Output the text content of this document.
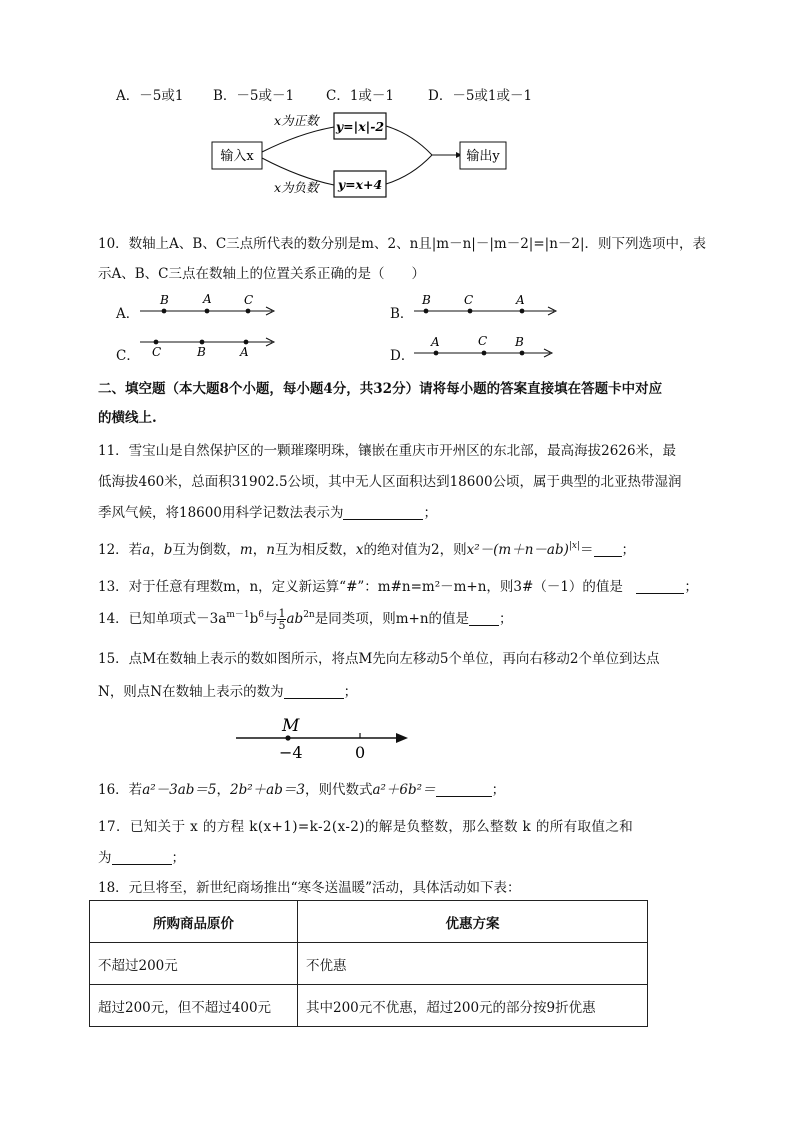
A．－5或1 B．－5或－1 C．1或－1	D．－5或1或－1
输入x
x为正数
x为负数
y=|x|-2
y=x+4
输出y
10．数轴上A、B、C三点所代表的数分别是m、2、n且|m－n|－|m－2|=|n－2|．则下列选项中，表
示A、B、C三点在数轴上的位置关系正确的是（　　）
A．
B	A	C
B．
B	C	A
C． C	B	A	D．
A	C B
二、填空题（本大题8个小题，每小题4分，共32分）请将每小题的答案直接填在答题卡中对应
的横线上.
11．雪宝山是自然保护区的一颗璀璨明珠，镶嵌在重庆市开州区的东北部，最高海拔2626米，最
低海拔460米，总面积31902.5公顷，其中无人区面积达到18600公顷，属于典型的北亚热带湿润
季风气候，将18600用科学记数法表示为	；
12．若a，b互为倒数，m，n互为相反数，x的绝对值为2，则$x^2-(m+n-ab)^{|x|}=$ ；
13．对于任意有理数m，n，定义新运算“#”：m#n=m²－m+n，则3#（－1）的值是 	；
14．已知单项式$-3a^{m-1}b^6$与 $\frac{1}{5} ab^{2n}$是同类项，则m+n的值是 ；
15．点M在数轴上表示的数如图所示，将点M先向左移动5个单位，再向右移动2个单位到达点
N，则点N在数轴上表示的数为	；
M
−4	0
16．若a²－3ab＝5，2b²＋ab＝3，则代数式a²＋6b²＝	；
17．已知关于 x 的方程 k(x+1)=k-2(x-2)的解是负整数，那么整数 k 的所有取值之和
为	；
18．元旦将至，新世纪商场推出“寒冬送温暖”活动，具体活动如下表：
所购商品原价	优惠方案
不超过200元	不优惠
超过200元，但不超过400元	其中200元不优惠，超过200元的部分按9折优惠
